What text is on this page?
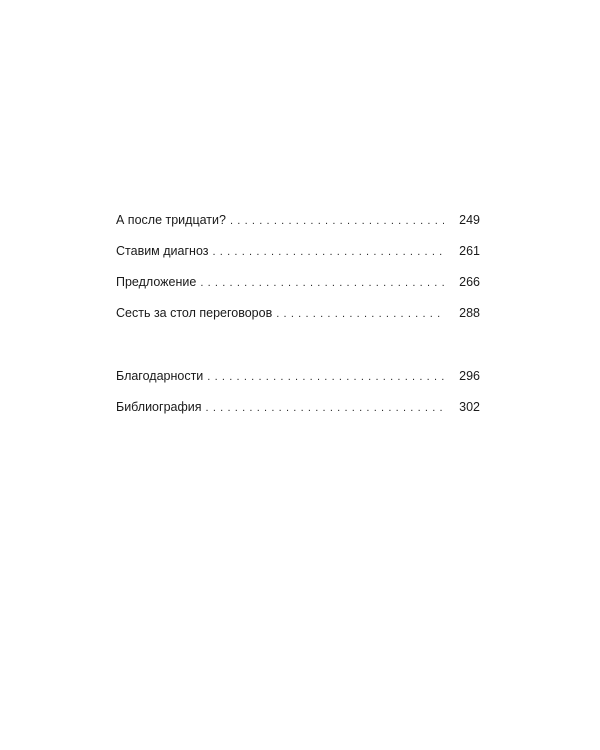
А после тридцати? . . .	249
Ставим диагноз . . .	261
Предложение . . .	266
Сесть за стол переговоров . . .	288
Благодарности . . .	296
Библиография . . .	302
